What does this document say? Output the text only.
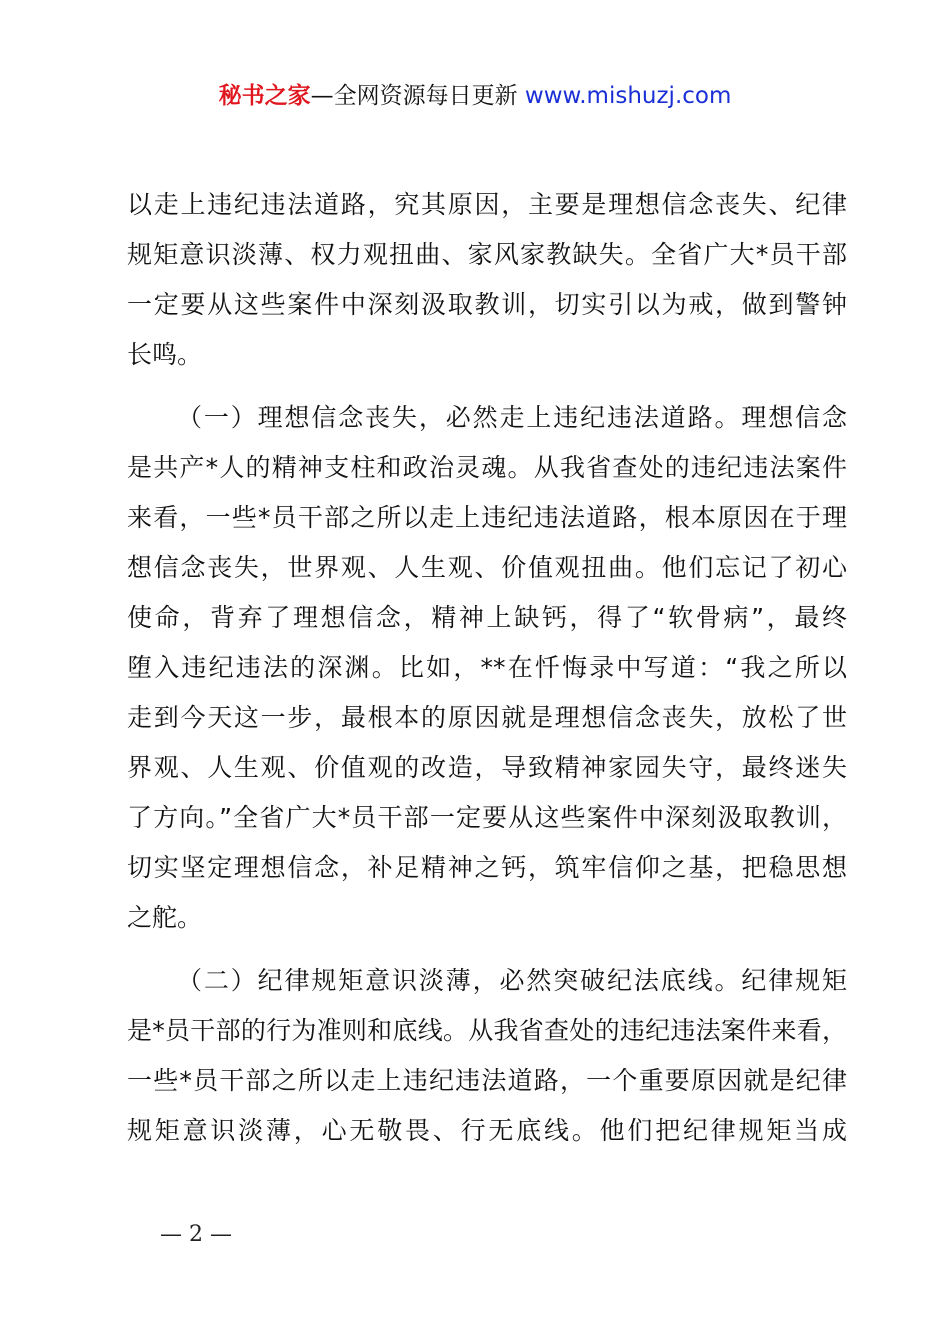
秘书之家—全网资源每日更新 www.mishuzj.com
以走上违纪违法道路，究其原因，主要是理想信念丧失、纪律
规矩意识淡薄、权力观扭曲、家风家教缺失。全省广大*员干部
一定要从这些案件中深刻汲取教训，切实引以为戒，做到警钟
长鸣。
（一）理想信念丧失，必然走上违纪违法道路。理想信念
是共产*人的精神支柱和政治灵魂。从我省查处的违纪违法案件
来看，一些*员干部之所以走上违纪违法道路，根本原因在于理
想信念丧失，世界观、人生观、价值观扭曲。他们忘记了初心
使命，背弃了理想信念，精神上缺钙，得了“软骨病”，最终
堕入违纪违法的深渊。比如，**在忏悔录中写道：“我之所以
走到今天这一步，最根本的原因就是理想信念丧失，放松了世
界观、人生观、价值观的改造，导致精神家园失守，最终迷失
了方向。”全省广大*员干部一定要从这些案件中深刻汲取教训，
切实坚定理想信念，补足精神之钙，筑牢信仰之基，把稳思想
之舵。
（二）纪律规矩意识淡薄，必然突破纪法底线。纪律规矩
是*员干部的行为准则和底线。从我省查处的违纪违法案件来看，
一些*员干部之所以走上违纪违法道路，一个重要原因就是纪律
规矩意识淡薄，心无敬畏、行无底线。他们把纪律规矩当成
— 2 —
